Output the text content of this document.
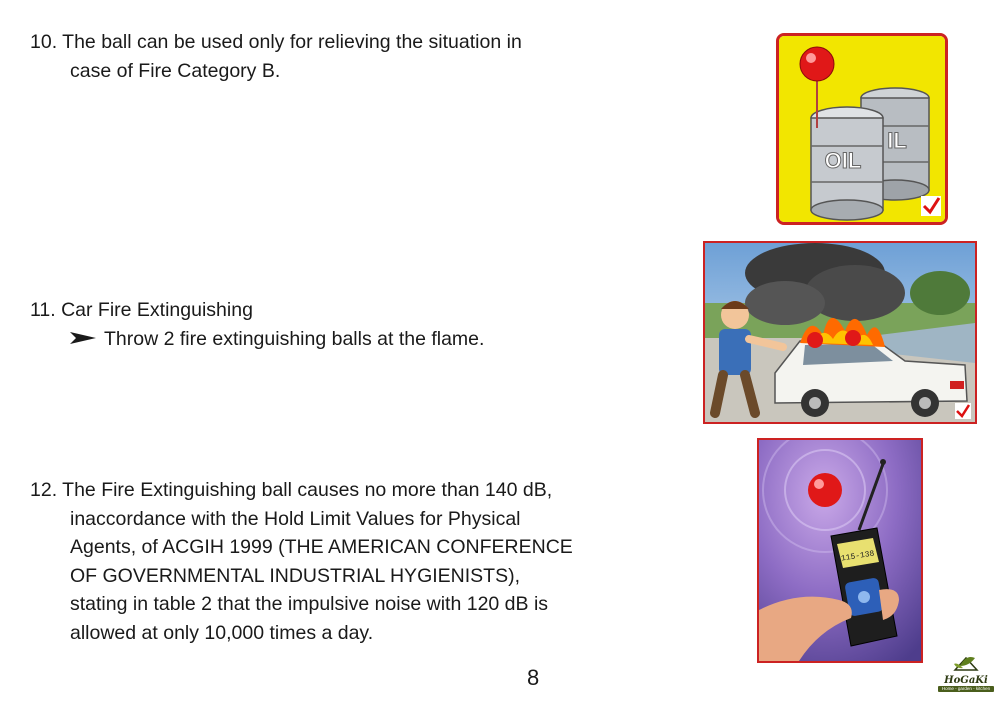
10. The ball can be used only for relieving the situation in
case of Fire Category B.
11. Car Fire Extinguishing
Throw 2 fire extinguishing balls at the flame.
12. The Fire Extinguishing ball causes no more than 140 dB,
inaccordance with the Hold Limit Values for Physical
Agents, of ACGIH 1999 (THE AMERICAN CONFERENCE
OF GOVERNMENTAL INDUSTRIAL HYGIENISTS),
stating in table 2 that the impulsive noise with 120 dB is
allowed at only 10,000 times a day.
8
IL
OIL
115-138
HoGaKi
Home - garden - kitchen
